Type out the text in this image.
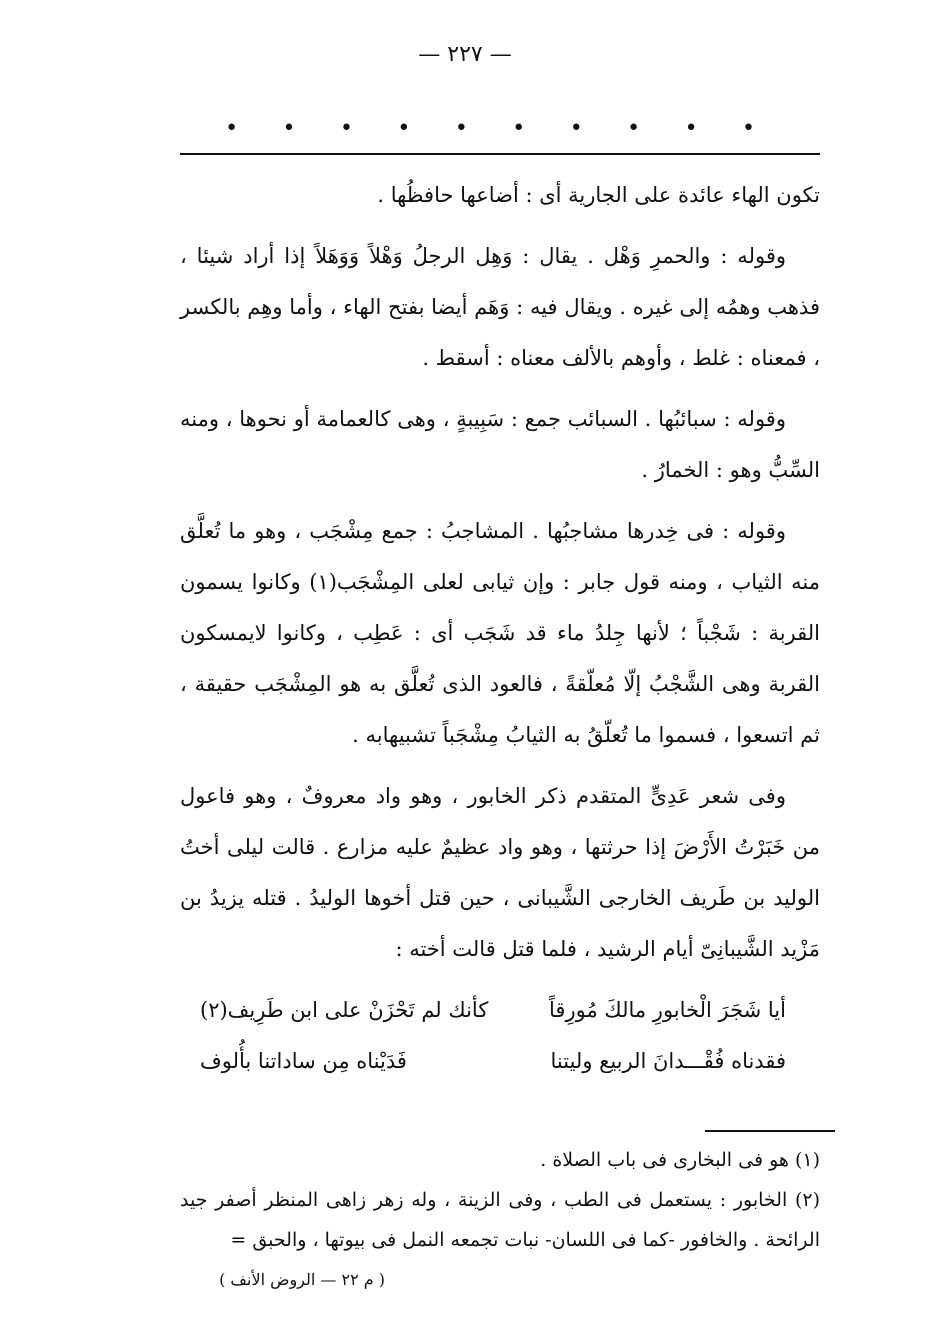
— ٢٢٧ —
•
•
•
•
•
•
•
•
•
•

تكون الهاء عائدة على الجارية أى : أضاعها حافظُها .

وقوله : والحمرِ وَهْل . يقال : وَهِل الرجلُ وَهْلاً وَوَهَلاً إذا أراد شيئا ، فذهب وهمُه إلى غيره . ويقال فيه : وَهَم أيضا بفتح الهاء ، وأما وهِم بالكسر ، فمعناه : غلط ، وأوهم بالألف معناه : أسقط .

وقوله : سبائبُها . السبائب جمع : سَبِيبةٍ ، وهى كالعمامة أو نحوها ، ومنه السِّبُّ وهو : الخمارُ .

وقوله : فى خِدرها مشاجبُها . المشاجبُ : جمع مِشْجَب ، وهو ما تُعلَّق منه الثياب ، ومنه قول جابر : وإن ثيابى لعلى المِشْجَب(١) وكانوا يسمون القربة : شَجْباً ؛ لأنها جِلدُ ماء قد شَجَب أى : عَطِب ، وكانوا لايمسكون القربة وهى الشَّجْبُ إلّا مُعلّقةً ، فالعود الذى تُعلَّق به هو المِشْجَب حقيقة ، ثم اتسعوا ، فسموا ما تُعلّقُ به الثيابُ مِشْجَباً تشبيهابه .

وفى شعر عَدِىٍّ المتقدم ذكر الخابور ، وهو واد معروفٌ ، وهو فاعول من خَبَرْتُ الأَرْضَ إذا حرثتها ، وهو واد عظيمٌ عليه مزارع . قالت ليلى أختُ الوليد بن طَريف الخارجى الشَّيبانى ، حين قتل أخوها الوليدُ . قتله يزيدُ بن مَزْيد الشَّيبانِىّ أيام الرشيد ، فلما قتل قالت أخته :

أيا شَجَرَ الْخابورِ مالكَ مُورِقاً
كأنك لم تَحْزَنْ على ابن طَرِيف(٢)
فقدناه فُقْـــدانَ الربيع وليتنا
فَدَيْناه مِن ساداتنا بأُلوف

(١) هو فى البخارى فى باب الصلاة .

(٢) الخابور : يستعمل فى الطب ، وفى الزينة ، وله زهر زاهى المنظر أصفر جيد الرائحة . والخافور -كما فى اللسان- نبات تجمعه النمل فى بيوتها ، والحبق =

( م ٢٢ — الروض الأنف )
